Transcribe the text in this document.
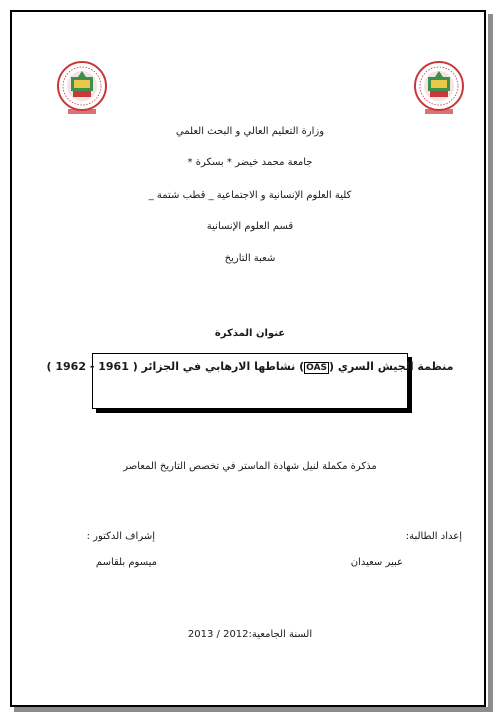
وزارة التعليم العالي و البحث العلمي
جامعة محمد خيضر * بسكرة *
كلية العلوم الإنسانية و الاجتماعية _ قطب شتمة _
قسم العلوم الإنسانية
شعبة التاريخ
عنوان المذكرة
منظمة الجيش السري (OAS) نشاطها الارهابي في الجزائر ( 1961 - 1962 )
مذكرة مكملة لنيل شهادة الماستر في تخصص التاريخ المعاصر
إعداد الطالبة:
عبير سعيدان
إشراف الدكتور :
ميسوم بلقاسم
السنة الجامعية:2012 / 2013
